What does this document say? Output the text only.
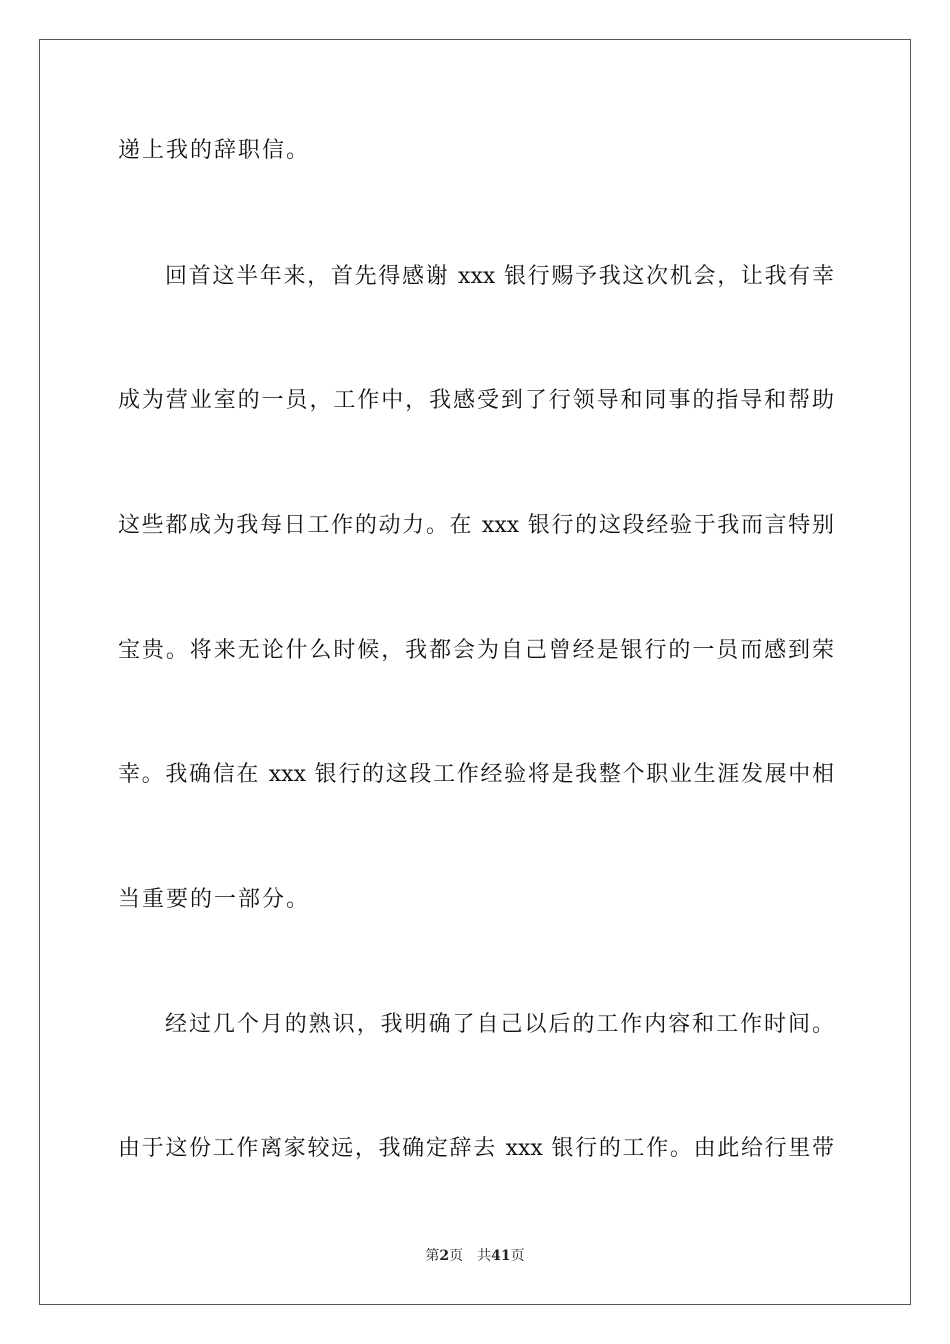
递上我的辞职信。
回首这半年来，首先得感谢 xxx 银行赐予我这次机会，让我有幸
成为营业室的一员，工作中，我感受到了行领导和同事的指导和帮助
这些都成为我每日工作的动力。在 xxx 银行的这段经验于我而言特别
宝贵。将来无论什么时候，我都会为自己曾经是银行的一员而感到荣
幸。我确信在 xxx 银行的这段工作经验将是我整个职业生涯发展中相
当重要的一部分。
经过几个月的熟识，我明确了自己以后的工作内容和工作时间。
由于这份工作离家较远，我确定辞去 xxx 银行的工作。由此给行里带
第2页 共41页
